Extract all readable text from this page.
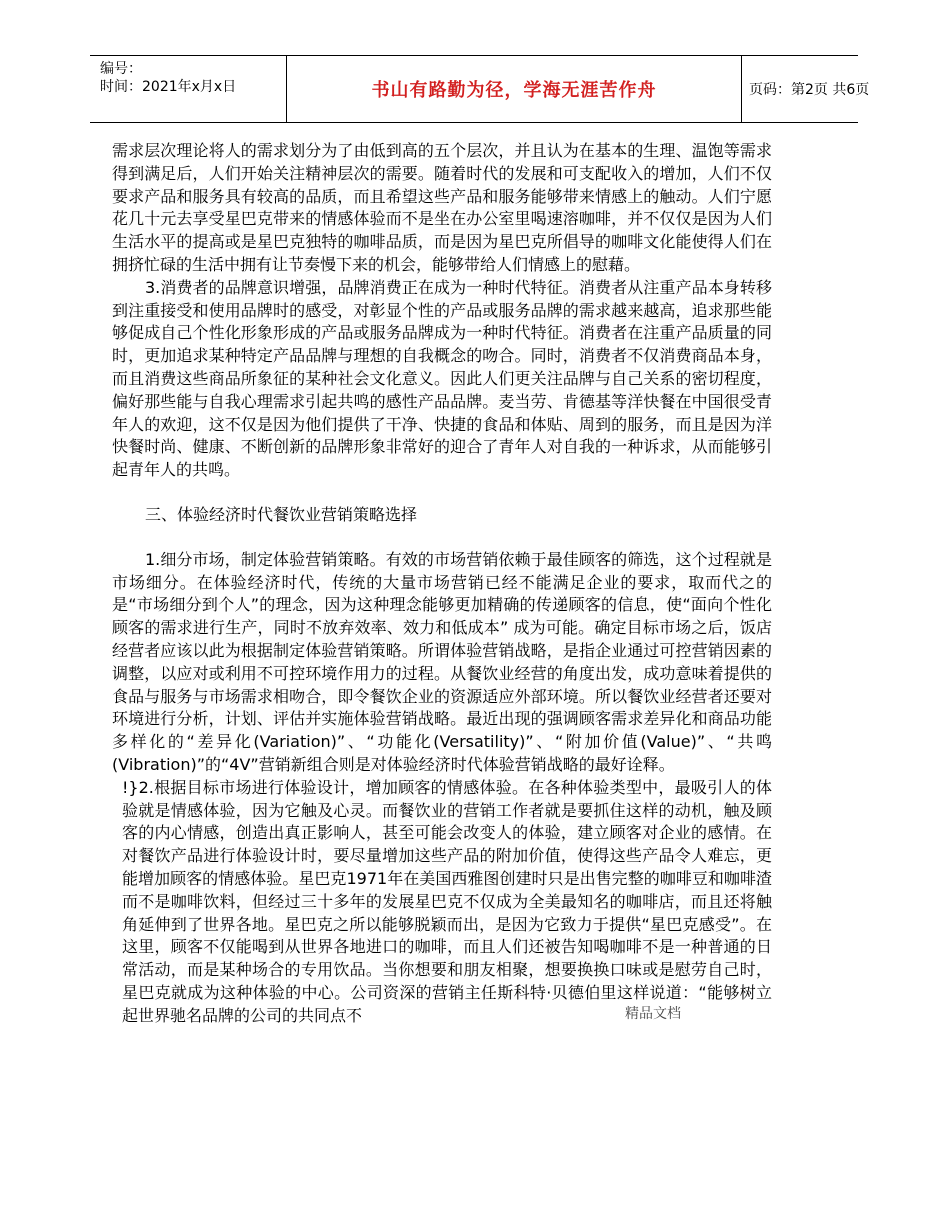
编号：
时间：2021年x月x日	书山有路勤为径，学海无涯苦作舟	页码：第2页 共6页

需求层次理论将人的需求划分为了由低到高的五个层次，并且认为在基本的生理、温饱等需求得到满足后，人们开始关注精神层次的需要。随着时代的发展和可支配收入的增加，人们不仅要求产品和服务具有较高的品质，而且希望这些产品和服务能够带来情感上的触动。人们宁愿花几十元去享受星巴克带来的情感体验而不是坐在办公室里喝速溶咖啡，并不仅仅是因为人们生活水平的提高或是星巴克独特的咖啡品质，而是因为星巴克所倡导的咖啡文化能使得人们在拥挤忙碌的生活中拥有让节奏慢下来的机会，能够带给人们情感上的慰藉。

3.消费者的品牌意识增强，品牌消费正在成为一种时代特征。消费者从注重产品本身转移到注重接受和使用品牌时的感受，对彰显个性的产品或服务品牌的需求越来越高，追求那些能够促成自己个性化形象形成的产品或服务品牌成为一种时代特征。消费者在注重产品质量的同时，更加追求某种特定产品品牌与理想的自我概念的吻合。同时，消费者不仅消费商品本身，而且消费这些商品所象征的某种社会文化意义。因此人们更关注品牌与自己关系的密切程度，偏好那些能与自我心理需求引起共鸣的感性产品品牌。麦当劳、肯德基等洋快餐在中国很受青年人的欢迎，这不仅是因为他们提供了干净、快捷的食品和体贴、周到的服务，而且是因为洋快餐时尚、健康、不断创新的品牌形象非常好的迎合了青年人对自我的一种诉求，从而能够引起青年人的共鸣。

三、体验经济时代餐饮业营销策略选择

1.细分市场，制定体验营销策略。有效的市场营销依赖于最佳顾客的筛选，这个过程就是市场细分。在体验经济时代，传统的大量市场营销已经不能满足企业的要求，取而代之的是“市场细分到个人”的理念，因为这种理念能够更加精确的传递顾客的信息，使“面向个性化顾客的需求进行生产，同时不放弃效率、效力和低成本” 成为可能。确定目标市场之后，饭店经营者应该以此为根据制定体验营销策略。所谓体验营销战略，是指企业通过可控营销因素的调整，以应对或利用不可控环境作用力的过程。从餐饮业经营的角度出发，成功意味着提供的食品与服务与市场需求相吻合，即令餐饮企业的资源适应外部环境。所以餐饮业经营者还要对环境进行分析，计划、评估并实施体验营销战略。最近出现的强调顾客需求差异化和商品功能多样化的“差异化(Variation)”、“功能化(Versatility)”、“附加价值(Value)”、“共鸣(Vibration)”的“4V”营销新组合则是对体验经济时代体验营销战略的最好诠释。

!}2.根据目标市场进行体验设计，增加顾客的情感体验。在各种体验类型中，最吸引人的体验就是情感体验，因为它触及心灵。而餐饮业的营销工作者就是要抓住这样的动机，触及顾客的内心情感，创造出真正影响人，甚至可能会改变人的体验，建立顾客对企业的感情。在对餐饮产品进行体验设计时，要尽量增加这些产品的附加价值，使得这些产品令人难忘，更能增加顾客的情感体验。星巴克1971年在美国西雅图创建时只是出售完整的咖啡豆和咖啡渣而不是咖啡饮料，但经过三十多年的发展星巴克不仅成为全美最知名的咖啡店，而且还将触角延伸到了世界各地。星巴克之所以能够脱颖而出，是因为它致力于提供“星巴克感受”。在这里，顾客不仅能喝到从世界各地进口的咖啡，而且人们还被告知喝咖啡不是一种普通的日常活动，而是某种场合的专用饮品。当你想要和朋友相聚，想要换换口味或是慰劳自己时，星巴克就成为这种体验的中心。公司资深的营销主任斯科特·贝德伯里这样说道：“能够树立起世界驰名品牌的公司的共同点不	精品文档
